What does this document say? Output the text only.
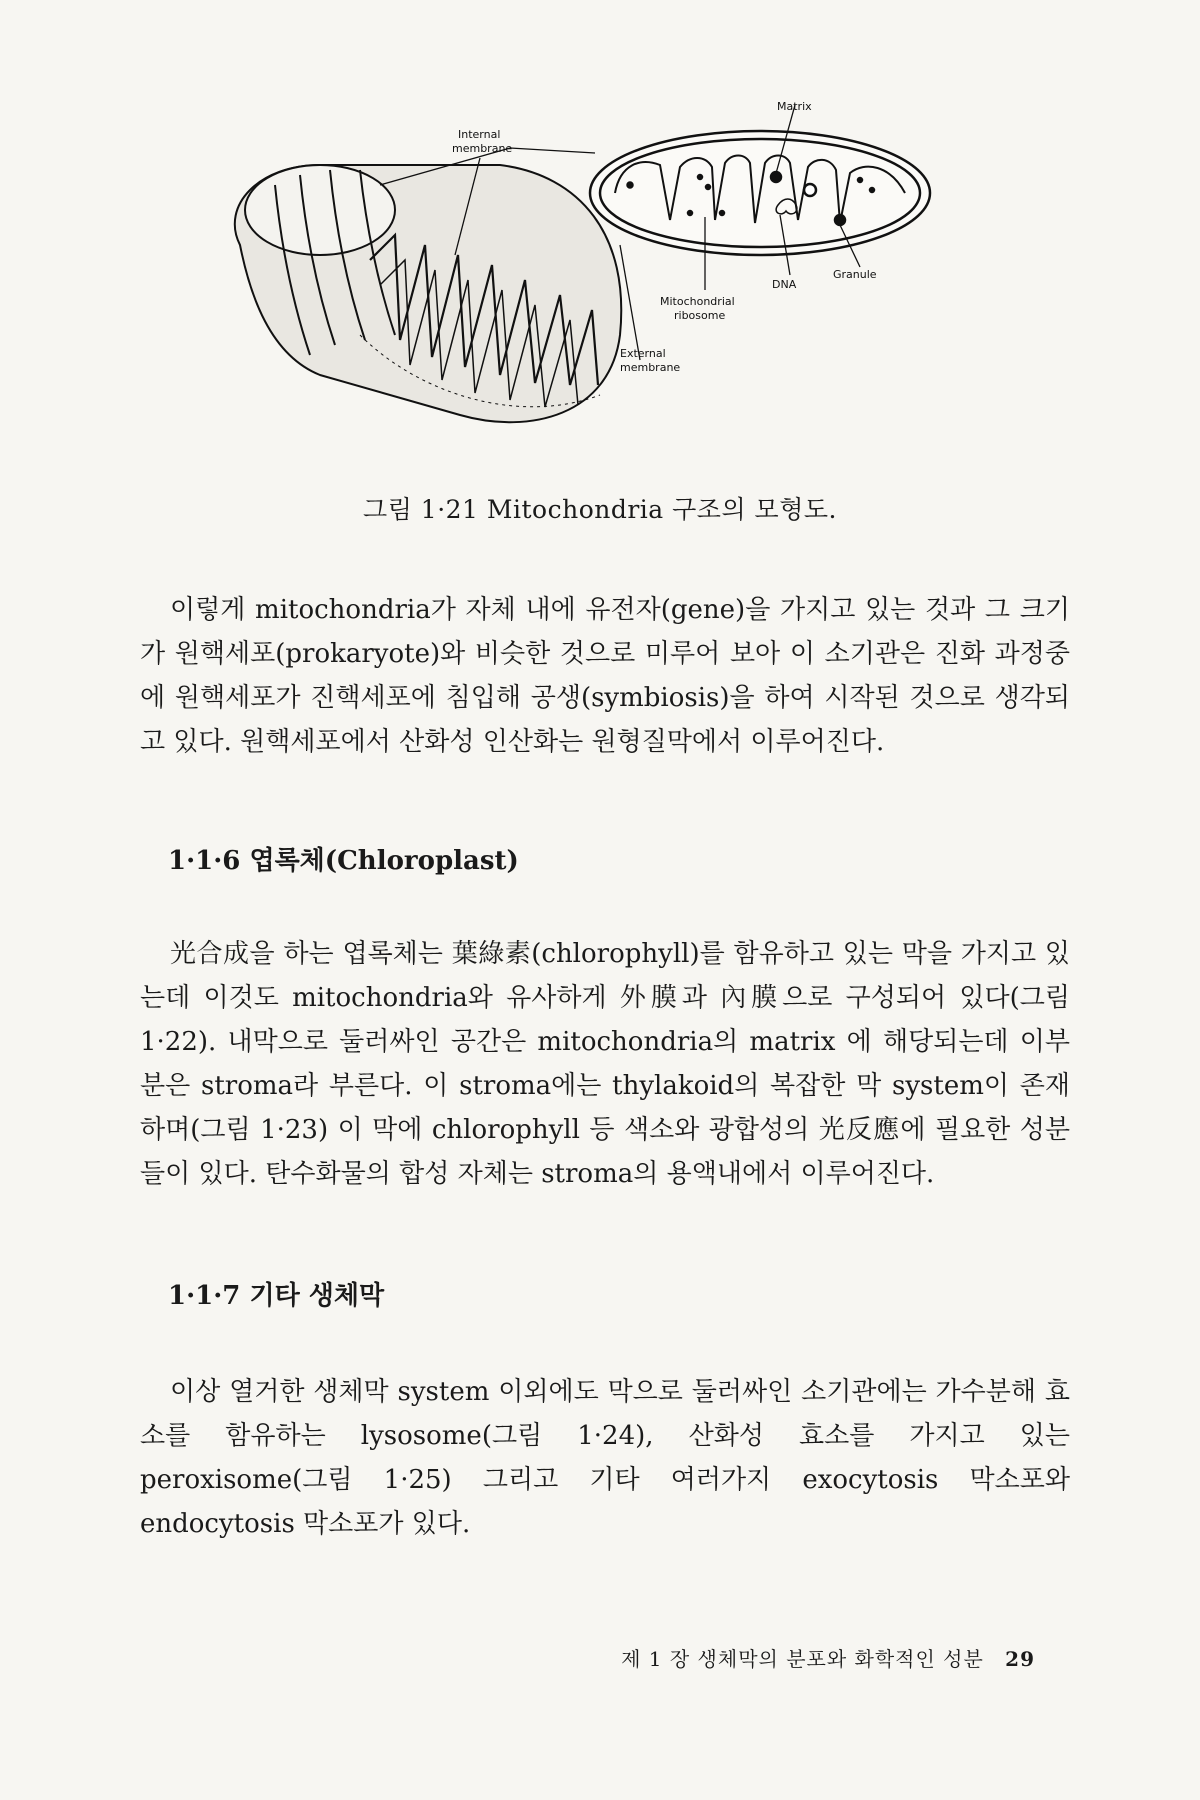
Matrix
Internal
membrane
DNA
Granule
Mitochondrial
ribosome
External
membrane
그림 1·21 Mitochondria 구조의 모형도.

이렇게 mitochondria가 자체 내에 유전자(gene)을 가지고 있는 것과 그 크기가 원핵세포(prokaryote)와 비슷한 것으로 미루어 보아 이 소기관은 진화 과정중에 원핵세포가 진핵세포에 침입해 공생(symbiosis)을 하여 시작된 것으로 생각되고 있다. 원핵세포에서 산화성 인산화는 원형질막에서 이루어진다.

1·1·6 엽록체(Chloroplast)

光合成을 하는 엽록체는 葉綠素(chlorophyll)를 함유하고 있는 막을 가지고 있는데 이것도 mitochondria와 유사하게 外膜과 內膜으로 구성되어 있다(그림 1·22). 내막으로 둘러싸인 공간은 mitochondria의 matrix 에 해당되는데 이부분은 stroma라 부른다. 이 stroma에는 thylakoid의 복잡한 막 system이 존재하며(그림 1·23) 이 막에 chlorophyll 등 색소와 광합성의 光反應에 필요한 성분들이 있다. 탄수화물의 합성 자체는 stroma의 용액내에서 이루어진다.

1·1·7 기타 생체막

이상 열거한 생체막 system 이외에도 막으로 둘러싸인 소기관에는 가수분해 효소를 함유하는 lysosome(그림 1·24), 산화성 효소를 가지고 있는 peroxisome(그림 1·25) 그리고 기타 여러가지 exocytosis 막소포와 endocytosis 막소포가 있다.

제 1 장 생체막의 분포와 화학적인 성분 29
